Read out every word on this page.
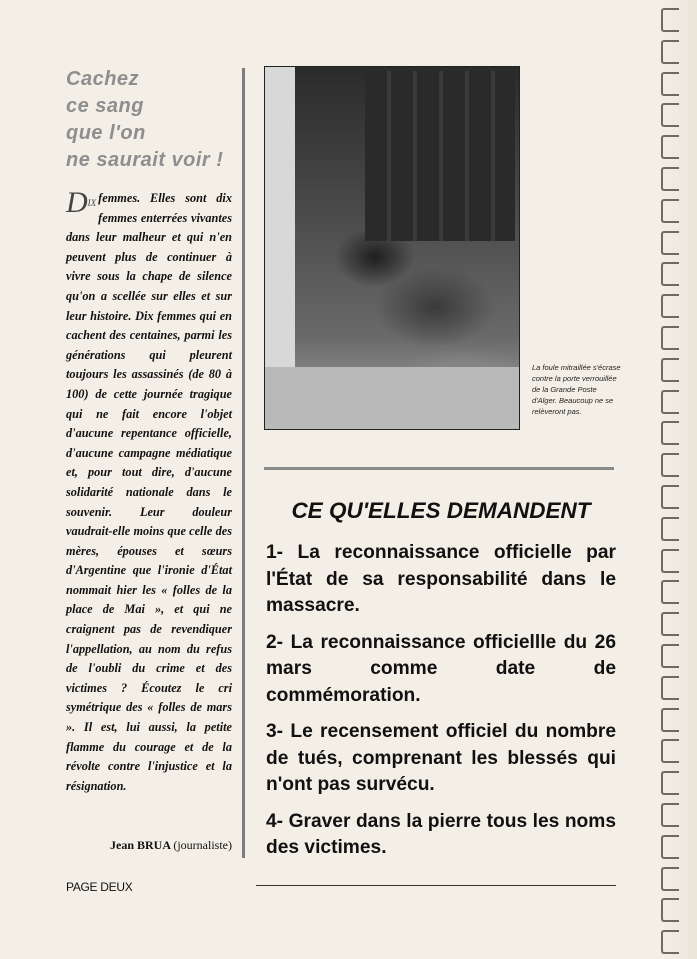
Cachez
ce sang
que l'on
ne saurait voir !

$D^{IX}$ femmes. Elles sont dix femmes enterrées vivantes dans leur malheur et qui n'en peuvent plus de continuer à vivre sous la chape de silence qu'on a scellée sur elles et sur leur histoire. Dix femmes qui en cachent des centaines, parmi les générations qui pleurent toujours les assassinés (de 80 à 100) de cette journée tragique qui ne fait encore l'objet d'aucune repentance officielle, d'aucune campagne médiatique et, pour tout dire, d'aucune solidarité nationale dans le souvenir. Leur douleur vaudrait-elle moins que celle des mères, épouses et sœurs d'Argentine que l'ironie d'État nommait hier les « folles de la place de Mai », et qui ne craignent pas de revendiquer l'appellation, au nom du refus de l'oubli du crime et des victimes ? Écoutez le cri symétrique des « folles de mars ». Il est, lui aussi, la petite flamme du courage et de la révolte contre l'injustice et la résignation.

Jean BRUA (journaliste)
La foule mitraillée s'écrase contre la porte verrouillée de la Grande Poste d'Alger. Beaucoup ne se relèveront pas.
CE QU'ELLES DEMANDENT

1- La reconnaissance officielle par l'État de sa responsabilité dans le massacre.

2- La reconnaissance officiellle du 26 mars comme date de commémoration.

3- Le recensement officiel du nombre de tués, comprenant les blessés qui n'ont pas survécu.

4- Graver dans la pierre tous les noms des victimes.

PAGE DEUX
